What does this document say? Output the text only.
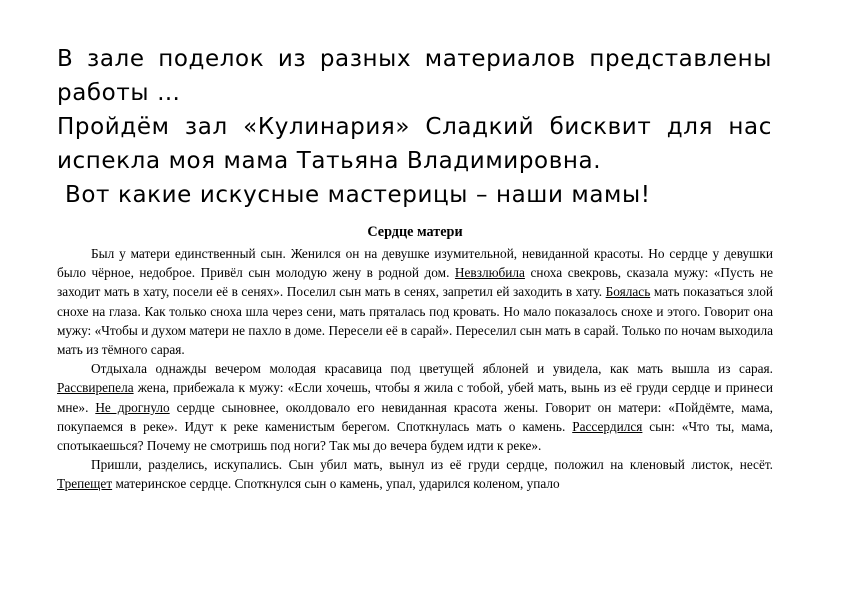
В зале поделок из разных материалов представлены работы …

Пройдём зал «Кулинария» Сладкий бисквит для нас испекла моя мама Татьяна Владимировна.

Вот какие искусные мастерицы – наши мамы!

Сердце матери

Был у матери единственный сын. Женился он на девушке изумительной, невиданной красоты. Но сердце у девушки было чёрное, недоброе. Привёл сын молодую жену в родной дом. Невзлюбила сноха свекровь, сказала мужу: «Пусть не заходит мать в хату, посели её в сенях». Поселил сын мать в сенях, запретил ей заходить в хату. Боялась мать показаться злой снохе на глаза. Как только сноха шла через сени, мать пряталась под кровать. Но мало показалось снохе и этого. Говорит она мужу: «Чтобы и духом матери не пахло в доме. Пересели её в сарай». Переселил сын мать в сарай. Только по ночам выходила мать из тёмного сарая.

Отдыхала однажды вечером молодая красавица под цветущей яблоней и увидела, как мать вышла из сарая. Рассвирепела жена, прибежала к мужу: «Если хочешь, чтобы я жила с тобой, убей мать, вынь из её груди сердце и принеси мне». Не дрогнуло сердце сыновнее, околдовало его невиданная красота жены. Говорит он матери: «Пойдёмте, мама, покупаемся в реке». Идут к реке каменистым берегом. Споткнулась мать о камень. Рассердился сын: «Что ты, мама, спотыкаешься? Почему не смотришь под ноги? Так мы до вечера будем идти к реке».

Пришли, разделись, искупались. Сын убил мать, вынул из её груди сердце, положил на кленовый листок, несёт. Трепещет материнское сердце. Споткнулся сын о камень, упал, ударился коленом, упало
